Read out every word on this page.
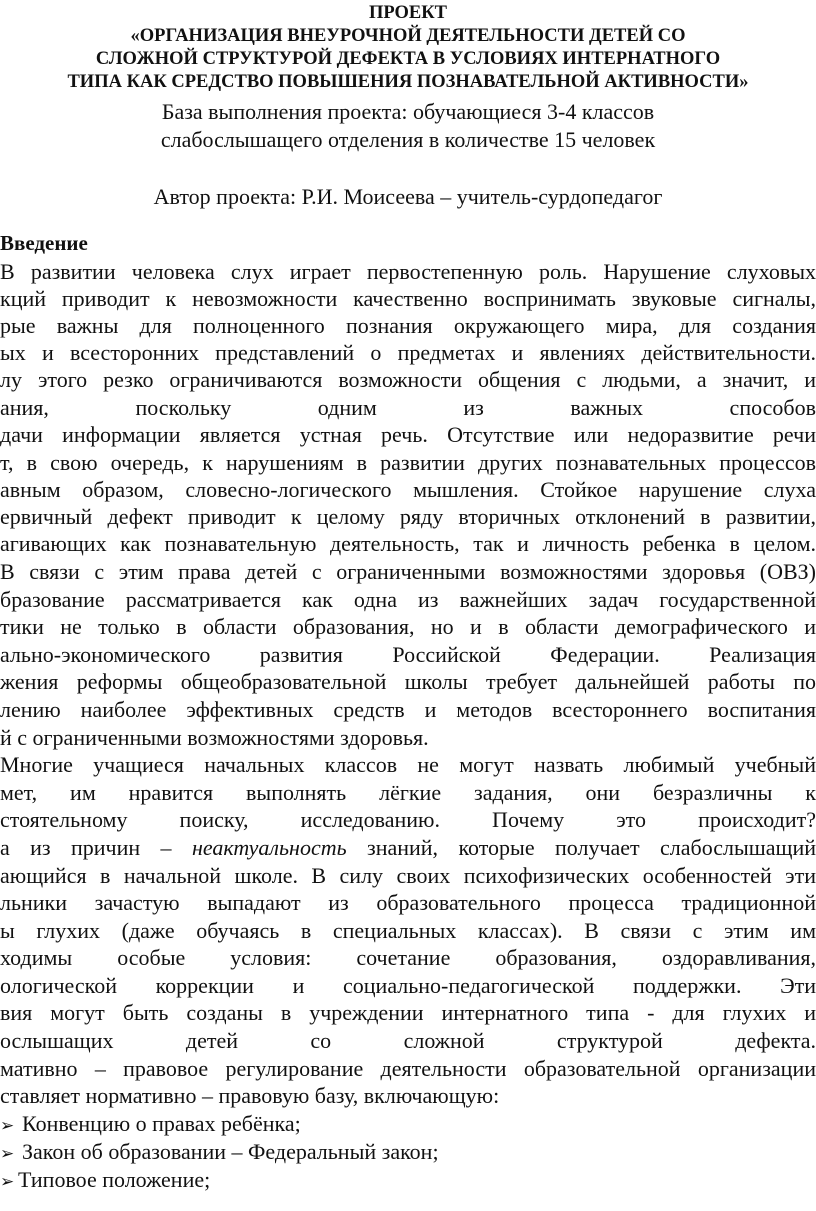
ПРОЕКТ
«ОРГАНИЗАЦИЯ ВНЕУРОЧНОЙ ДЕЯТЕЛЬНОСТИ ДЕТЕЙ СО
СЛОЖНОЙ СТРУКТУРОЙ ДЕФЕКТА В УСЛОВИЯХ ИНТЕРНАТНОГО
ТИПА КАК СРЕДСТВО ПОВЫШЕНИЯ ПОЗНАВАТЕЛЬНОЙ АКТИВНОСТИ»
База выполнения проекта: обучающиеся 3-4 классов
слабослышащего отделения в количестве 15 человек
Автор проекта: Р.И. Моисеева – учитель-сурдопедагог
Введение
В развитии человека слух играет первостепенную роль. Нарушение слуховых
кций приводит к невозможности качественно воспринимать звуковые сигналы,
рые важны для полноценного познания окружающего мира, для создания
ых и всесторонних представлений о предметах и явлениях действительности.
лу этого резко ограничиваются возможности общения с людьми, а значит, и
ания, поскольку одним из важных способов
дачи информации является устная речь. Отсутствие или недоразвитие речи
т, в свою очередь, к нарушениям в развитии других познавательных процессов
авным образом, словесно-логического мышления. Стойкое нарушение слуха
ервичный дефект приводит к целому ряду вторичных отклонений в развитии,
агивающих как познавательную деятельность, так и личность ребенка в целом.
В связи с этим права детей с ограниченными возможностями здоровья (ОВЗ)
бразование рассматривается как одна из важнейших задач государственной
тики не только в области образования, но и в области демографического и
ально-экономического развития Российской Федерации. Реализация
жения реформы общеобразовательной школы требует дальнейшей работы по
лению наиболее эффективных средств и методов всестороннего воспитания
й с ограниченными возможностями здоровья.
Многие учащиеся начальных классов не могут назвать любимый учебный
мет, им нравится выполнять лёгкие задания, они безразличны к
стоятельному поиску, исследованию. Почему это происходит?
а из причин – неактуальность знаний, которые получает слабослышащий
ающийся в начальной школе. В силу своих психофизических особенностей эти
льники зачастую выпадают из образовательного процесса традиционной
ы глухих (даже обучаясь в специальных классах). В связи с этим им
ходимы особые условия: сочетание образования, оздоравливания,
ологической коррекции и социально-педагогической поддержки. Эти
вия могут быть созданы в учреждении интернатного типа - для глухих и
ослышащих детей со сложной структурой дефекта.
мативно – правовое регулирование деятельности образовательной организации
ставляет нормативно – правовую базу, включающую:
➢ Конвенцию о правах ребёнка;
➢ Закон об образовании – Федеральный закон;
➢ Типовое положение;
